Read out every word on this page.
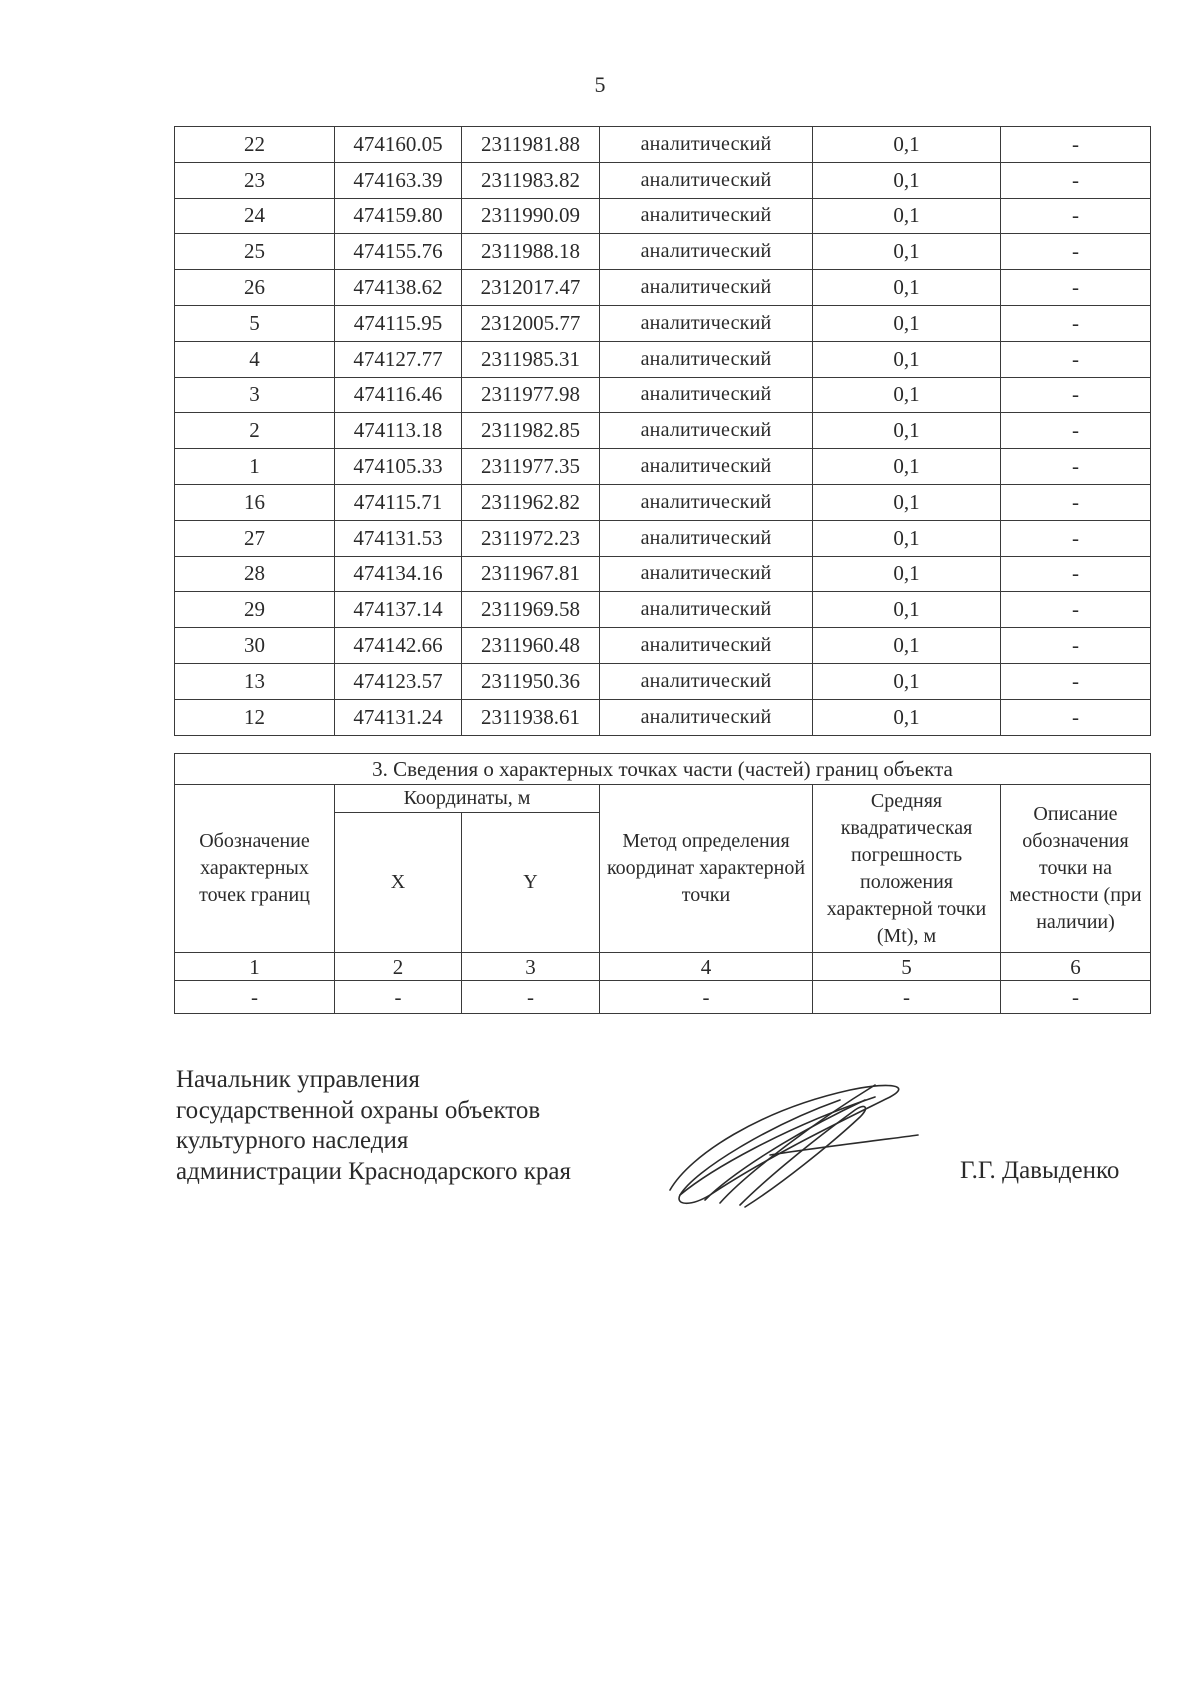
5
22	474160.05	2311981.88	аналитический	0,1	-
23	474163.39	2311983.82	аналитический	0,1	-
24	474159.80	2311990.09	аналитический	0,1	-
25	474155.76	2311988.18	аналитический	0,1	-
26	474138.62	2312017.47	аналитический	0,1	-
5	474115.95	2312005.77	аналитический	0,1	-
4	474127.77	2311985.31	аналитический	0,1	-
3	474116.46	2311977.98	аналитический	0,1	-
2	474113.18	2311982.85	аналитический	0,1	-
1	474105.33	2311977.35	аналитический	0,1	-
16	474115.71	2311962.82	аналитический	0,1	-
27	474131.53	2311972.23	аналитический	0,1	-
28	474134.16	2311967.81	аналитический	0,1	-
29	474137.14	2311969.58	аналитический	0,1	-
30	474142.66	2311960.48	аналитический	0,1	-
13	474123.57	2311950.36	аналитический	0,1	-
12	474131.24	2311938.61	аналитический	0,1	-
3. Сведения о характерных точках части (частей) границ объекта					
Обозначение характерных точек границ	Координаты, м		Метод определения координат характерной точки	Средняя квадратическая погрешность положения характерной точки (Mt), м	Описание обозначения точки на местности (при наличии)
	X	Y			
1	2	3	4	5	6
-	-	-	-	-	-
Начальник управления
государственной охраны объектов
культурного наследия
администрации Краснодарского края	Г.Г. Давыденко
